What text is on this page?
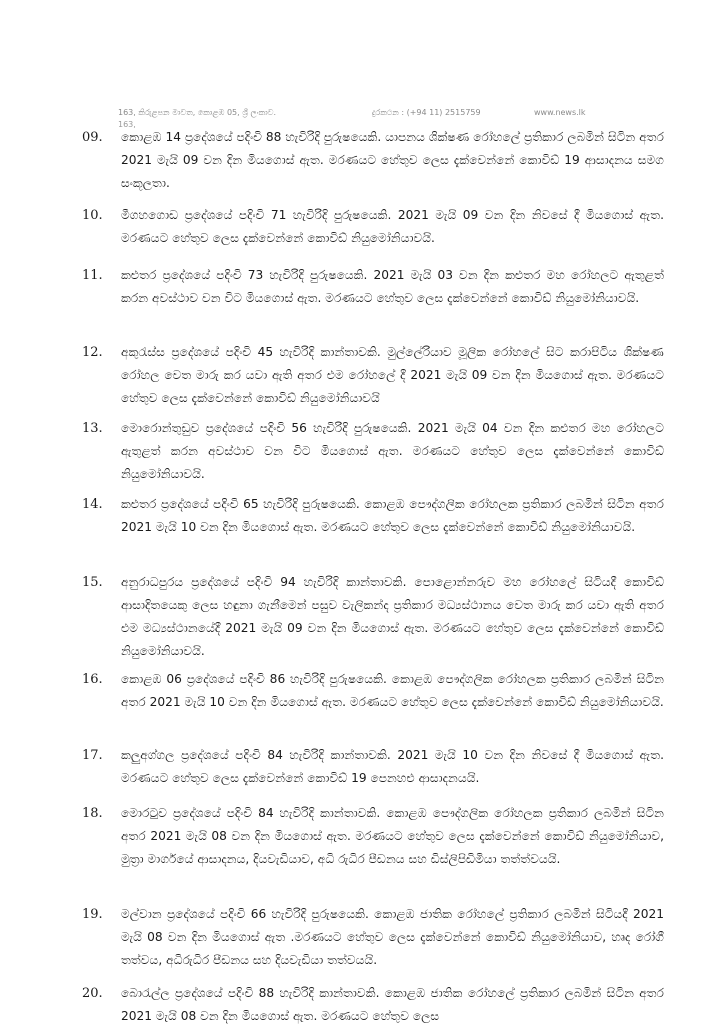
163, කිරුළපන මාවත, කොළඹ 05, ශ්‍රී ලංකාව.	දුරකථන : (+94 11) 2515759	www.news.lk
163,
09.	කොළඹ 14 ප්‍රදේශයේ පදිංචි 88 හැවිරිදි පුරුෂයෙකි. යාපනය ශික්ෂණ රෝහලේ ප්‍රතිකාර ලබමින් සිටින අතර 2021 මැයි 09 වන දින මියගොස් ඇත. මරණයට හේතුව ලෙස දැක්වෙන්නේ කොවිඩ් 19 ආසාදනය සමග සංකූලතා.
10.	මීගහගොඩ ප්‍රදේශයේ පදිංචි 71 හැවිරිදි පුරුෂයෙකි. 2021 මැයි 09 වන දින නිවසේ දී මියගොස් ඇත. මරණයට හේතුව ලෙස දැක්වෙන්නේ කොවිඩ් නියුමෝනියාවයි.
11.	කළුතර ප්‍රදේශයේ පදිංචි 73 හැවිරිදි පුරුෂයෙකි. 2021 මැයි 03 වන දින කළුතර මහ රෝහලට ඇතුළත් කරන අවස්ථාව වන විට මියගොස් ඇත. මරණයට හේතුව ලෙස දැක්වෙන්නේ කොවිඩ් නියුමෝනියාවයි.
12.	අකුරැස්ස ප්‍රදේශයේ පදිංචි 45 හැවිරිදි කාන්තාවකි. මුල්ලේරියාව මූලික රෝහලේ සිට කරාපිටිය ශික්ෂණ රෝහල වෙත මාරු කර යවා ඇති අතර එම රෝහලේ දී 2021 මැයි 09 වන දින මියගොස් ඇත. මරණයට හේතුව ලෙස දැක්වෙන්නේ කොවිඩ් නියුමෝනියාවයි
13.	මොරොන්තුඩුව ප්‍රදේශයේ පදිංචි 56 හැවිරිදි පුරුෂයෙකි. 2021 මැයි 04 වන දින කළුතර මහ රෝහලට ඇතුළත් කරන අවස්ථාව වන විට මියගොස් ඇත. මරණයට හේතුව ලෙස දැක්වෙන්නේ කොවිඩ් නියුමෝනියාවයි.
14.	කළුතර ප්‍රදේශයේ පදිංචි 65 හැවිරිදි පුරුෂයෙකි. කොළඹ පෞද්ගලික රෝහලක ප්‍රතිකාර ලබමින් සිටින අතර 2021 මැයි 10 වන දින මියගොස් ඇත. මරණයට හේතුව ලෙස දැක්වෙන්නේ කොවිඩ් නියුමෝනියාවයි.
15.	අනුරාධපුරය ප්‍රදේශයේ පදිංචි 94 හැවිරිදි කාන්තාවකි. පොළොන්නරුව මහ රෝහලේ සිටියදී කොවිඩ් ආසාදිතයෙකු ලෙස හඳුනා ගැනීමෙන් පසුව වැලිකන්ද ප්‍රතිකාර මධ්‍යස්ථානය වෙත මාරු කර යවා ඇති අතර එම මධ්‍යස්ථානයේදී 2021 මැයි 09 වන දින මියගොස් ඇත. මරණයට හේතුව ලෙස දැක්වෙන්නේ කොවිඩ් නියුමෝනියාවයි.
16.	කොළඹ 06 ප්‍රදේශයේ පදිංචි 86 හැවිරිදි පුරුෂයෙකි. කොළඹ පෞද්ගලික රෝහලක ප්‍රතිකාර ලබමින් සිටින අතර 2021 මැයි 10 වන දින මියගොස් ඇත. මරණයට හේතුව ලෙස දැක්වෙන්නේ කොවිඩ් නියුමෝනියාවයි.
17.	කලුඅග්ගල ප්‍රදේශයේ පදිංචි 84 හැවිරිදි කාන්තාවකි. 2021 මැයි 10 වන දින නිවසේ දී මියගොස් ඇත. මරණයට හේතුව ලෙස දැක්වෙන්නේ කොවිඩ් 19 පෙනහළු ආසාදනයයි.
18.	මොරටුව ප්‍රදේශයේ පදිංචි 84 හැවිරිදි කාන්තාවකි. කොළඹ පෞද්ගලික රෝහලක ප්‍රතිකාර ලබමින් සිටින අතර 2021 මැයි 08 වන දින මියගොස් ඇත. මරණයට හේතුව ලෙස දැක්වෙන්නේ කොවිඩ් නියුමෝනියාව, මුත්‍රා මාර්ගයේ ආසාදනය, දියවැඩියාව, අධි රුධිර පීඩනය සහ ඩිස්ලිපිඩිමියා තත්ත්වයයි.
19.	මල්වාන ප්‍රදේශයේ පදිංචි 66 හැවිරිදි පුරුෂයෙකි. කොළඹ ජාතික රෝහලේ ප්‍රතිකාර ලබමින් සිටියදී 2021 මැයි 08 වන දින මියගොස් ඇත .මරණයට හේතුව ලෙස දැක්වෙන්නේ කොවිඩ් නියුමෝනියාව, හෘද රෝගී තත්වය, අධිරුධිර පීඩනය සහ දියවැඩියා තත්වයයි.
20.	බොරැල්ල ප්‍රදේශයේ පදිංචි 88 හැවිරිදි කාන්තාවකි. කොළඹ ජාතික රෝහලේ ප්‍රතිකාර ලබමින් සිටින අතර 2021 මැයි 08 වන දින මියගොස් ඇත. මරණයට හේතුව ලෙස
